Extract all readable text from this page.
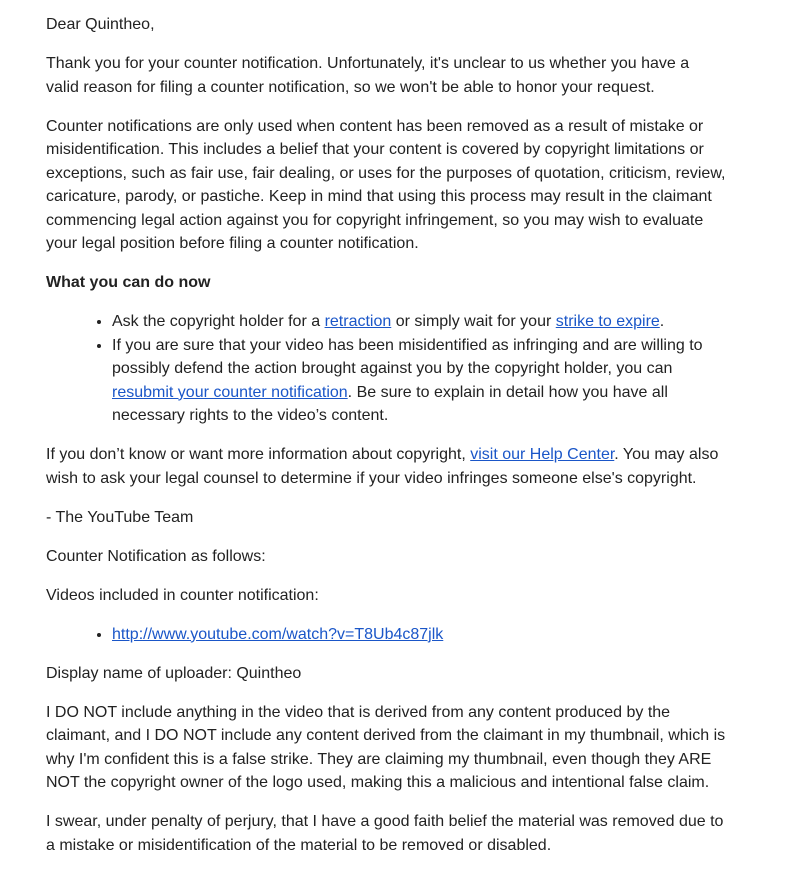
Dear Quintheo,

Thank you for your counter notification. Unfortunately, it's unclear to us whether you have a valid reason for filing a counter notification, so we won't be able to honor your request.

Counter notifications are only used when content has been removed as a result of mistake or misidentification. This includes a belief that your content is covered by copyright limitations or exceptions, such as fair use, fair dealing, or uses for the purposes of quotation, criticism, review, caricature, parody, or pastiche. Keep in mind that using this process may result in the claimant commencing legal action against you for copyright infringement, so you may wish to evaluate your legal position before filing a counter notification.

What you can do now

• Ask the copyright holder for a retraction or simply wait for your strike to expire.
• If you are sure that your video has been misidentified as infringing and are willing to possibly defend the action brought against you by the copyright holder, you can resubmit your counter notification. Be sure to explain in detail how you have all necessary rights to the video’s content.

If you don’t know or want more information about copyright, visit our Help Center. You may also wish to ask your legal counsel to determine if your video infringes someone else's copyright.

- The YouTube Team

Counter Notification as follows:

Videos included in counter notification:

• http://www.youtube.com/watch?v=T8Ub4c87jlk

Display name of uploader: Quintheo

I DO NOT include anything in the video that is derived from any content produced by the claimant, and I DO NOT include any content derived from the claimant in my thumbnail, which is why I'm confident this is a false strike. They are claiming my thumbnail, even though they ARE NOT the copyright owner of the logo used, making this a malicious and intentional false claim.

I swear, under penalty of perjury, that I have a good faith belief the material was removed due to a mistake or misidentification of the material to be removed or disabled.
